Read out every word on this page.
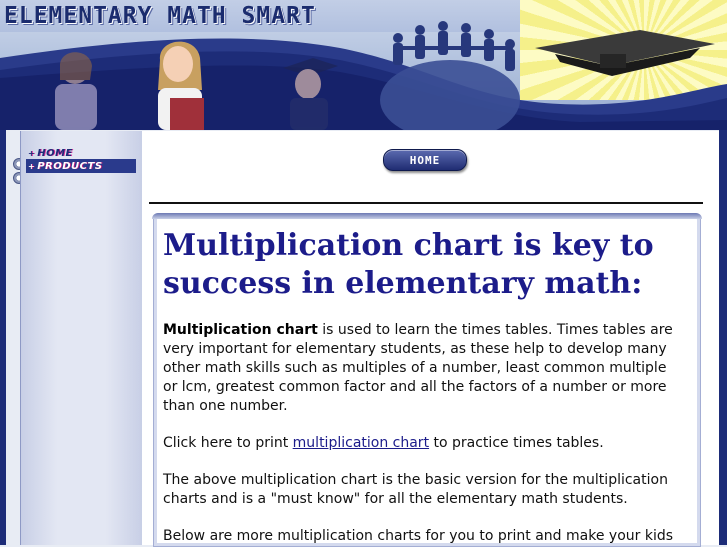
ELEMENTARY MATH SMART
+ HOME
+ PRODUCTS	HOME
Multiplication chart is key to success in elementary math:

Multiplication chart is used to learn the times tables. Times tables are very important for elementary students, as these help to develop many other math skills such as multiples of a number, least common multiple or lcm, greatest common factor and all the factors of a number or more than one number.

Click here to print multiplication chart to practice times tables.

The above multiplication chart is the basic version for the multiplication charts and is a "must know" for all the elementary math students.

Below are more multiplication charts for you to print and make your kids
